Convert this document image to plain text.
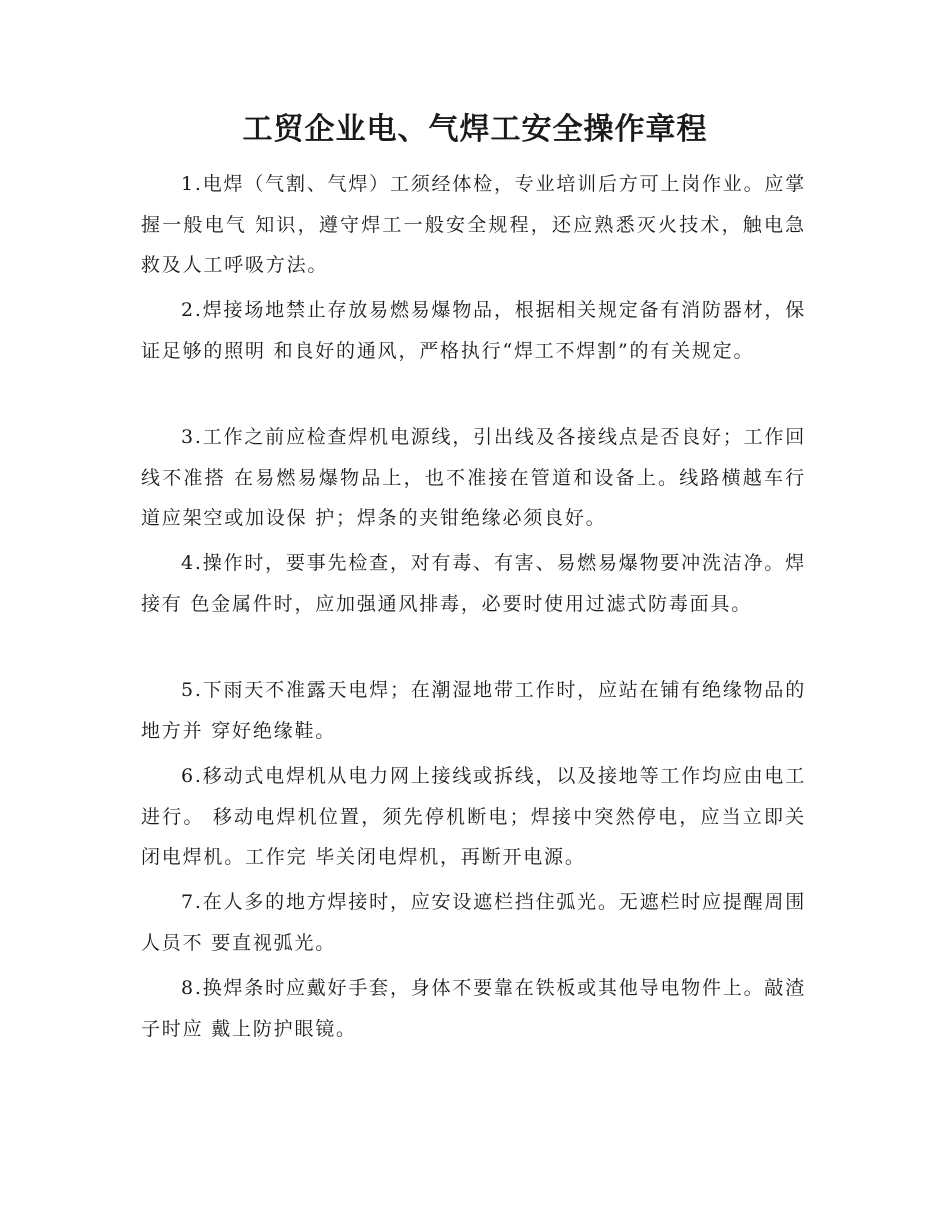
工贸企业电、气焊工安全操作章程

1.电焊（气割、气焊）工须经体检，专业培训后方可上岗作业。应掌握一般电气 知识，遵守焊工一般安全规程，还应熟悉灭火技术，触电急救及人工呼吸方法。

2.焊接场地禁止存放易燃易爆物品，根据相关规定备有消防器材，保证足够的照明 和良好的通风，严格执行“焊工不焊割”的有关规定。

3.工作之前应检查焊机电源线，引出线及各接线点是否良好；工作回线不准搭 在易燃易爆物品上，也不准接在管道和设备上。线路横越车行道应架空或加设保 护；焊条的夹钳绝缘必须良好。

4.操作时，要事先检查，对有毒、有害、易燃易爆物要冲洗洁净。焊接有 色金属件时，应加强通风排毒，必要时使用过滤式防毒面具。

5.下雨天不准露天电焊；在潮湿地带工作时，应站在铺有绝缘物品的地方并 穿好绝缘鞋。

6.移动式电焊机从电力网上接线或拆线，以及接地等工作均应由电工进行。 移动电焊机位置，须先停机断电；焊接中突然停电，应当立即关闭电焊机。工作完 毕关闭电焊机，再断开电源。

7.在人多的地方焊接时，应安设遮栏挡住弧光。无遮栏时应提醒周围人员不 要直视弧光。

8.换焊条时应戴好手套，身体不要靠在铁板或其他导电物件上。敲渣子时应 戴上防护眼镜。
